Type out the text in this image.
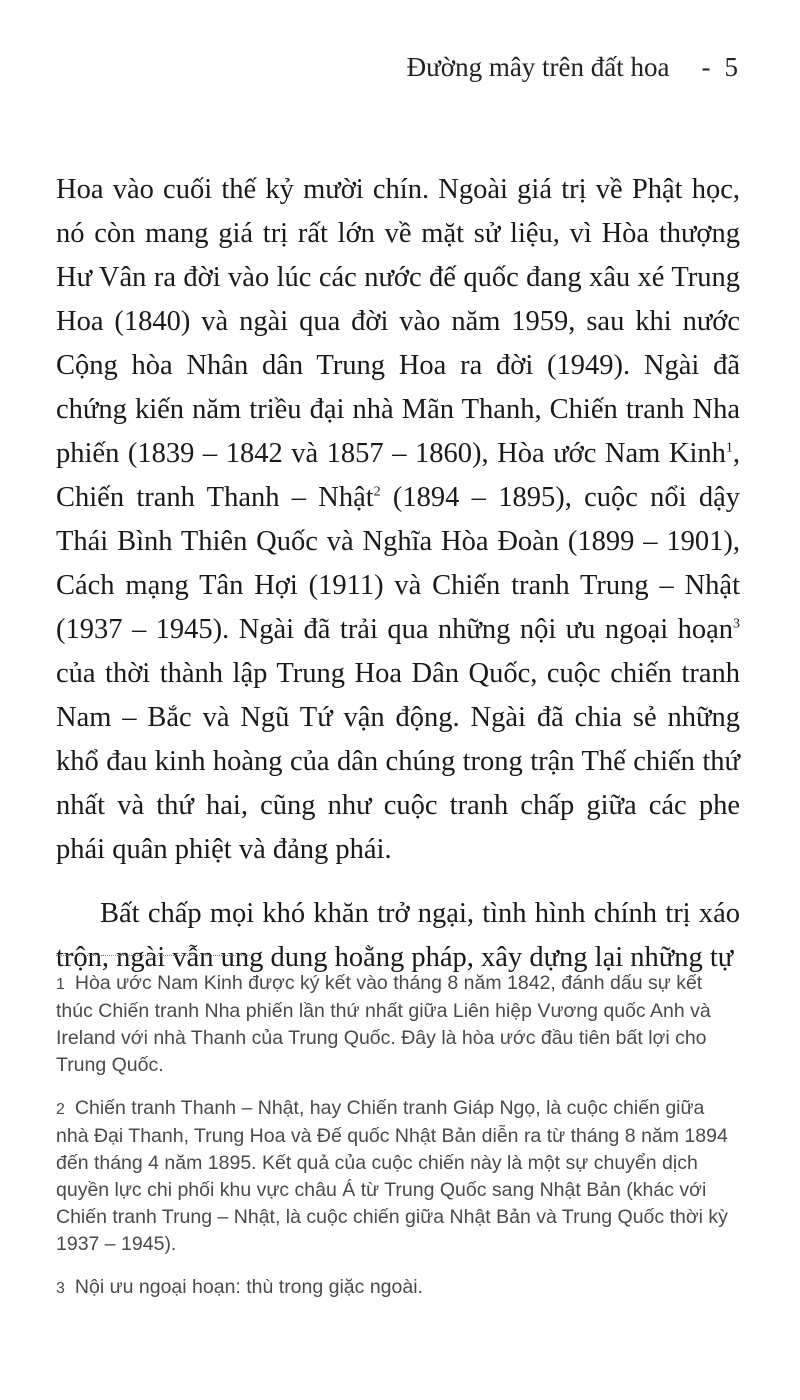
Đường mây trên đất hoa - 5

Hoa vào cuối thế kỷ mười chín. Ngoài giá trị về Phật học, nó còn mang giá trị rất lớn về mặt sử liệu, vì Hòa thượng Hư Vân ra đời vào lúc các nước đế quốc đang xâu xé Trung Hoa (1840) và ngài qua đời vào năm 1959, sau khi nước Cộng hòa Nhân dân Trung Hoa ra đời (1949). Ngài đã chứng kiến năm triều đại nhà Mãn Thanh, Chiến tranh Nha phiến (1839 – 1842 và 1857 – 1860), Hòa ước Nam Kinh$^1$, Chiến tranh Thanh – Nhật$^2$ (1894 – 1895), cuộc nổi dậy Thái Bình Thiên Quốc và Nghĩa Hòa Đoàn (1899 – 1901), Cách mạng Tân Hợi (1911) và Chiến tranh Trung – Nhật (1937 – 1945). Ngài đã trải qua những nội ưu ngoại hoạn$^3$ của thời thành lập Trung Hoa Dân Quốc, cuộc chiến tranh Nam – Bắc và Ngũ Tứ vận động. Ngài đã chia sẻ những khổ đau kinh hoàng của dân chúng trong trận Thế chiến thứ nhất và thứ hai, cũng như cuộc tranh chấp giữa các phe phái quân phiệt và đảng phái.

Bất chấp mọi khó khăn trở ngại, tình hình chính trị xáo trộn, ngài vẫn ung dung hoằng pháp, xây dựng lại những tự

1 Hòa ước Nam Kinh được ký kết vào tháng 8 năm 1842, đánh dấu sự kết thúc Chiến tranh Nha phiến lần thứ nhất giữa Liên hiệp Vương quốc Anh và Ireland với nhà Thanh của Trung Quốc. Đây là hòa ước đầu tiên bất lợi cho Trung Quốc.

2 Chiến tranh Thanh – Nhật, hay Chiến tranh Giáp Ngọ, là cuộc chiến giữa nhà Đại Thanh, Trung Hoa và Đế quốc Nhật Bản diễn ra từ tháng 8 năm 1894 đến tháng 4 năm 1895. Kết quả của cuộc chiến này là một sự chuyển dịch quyền lực chi phối khu vực châu Á từ Trung Quốc sang Nhật Bản (khác với Chiến tranh Trung – Nhật, là cuộc chiến giữa Nhật Bản và Trung Quốc thời kỳ 1937 – 1945).

3 Nội ưu ngoại hoạn: thù trong giặc ngoài.
